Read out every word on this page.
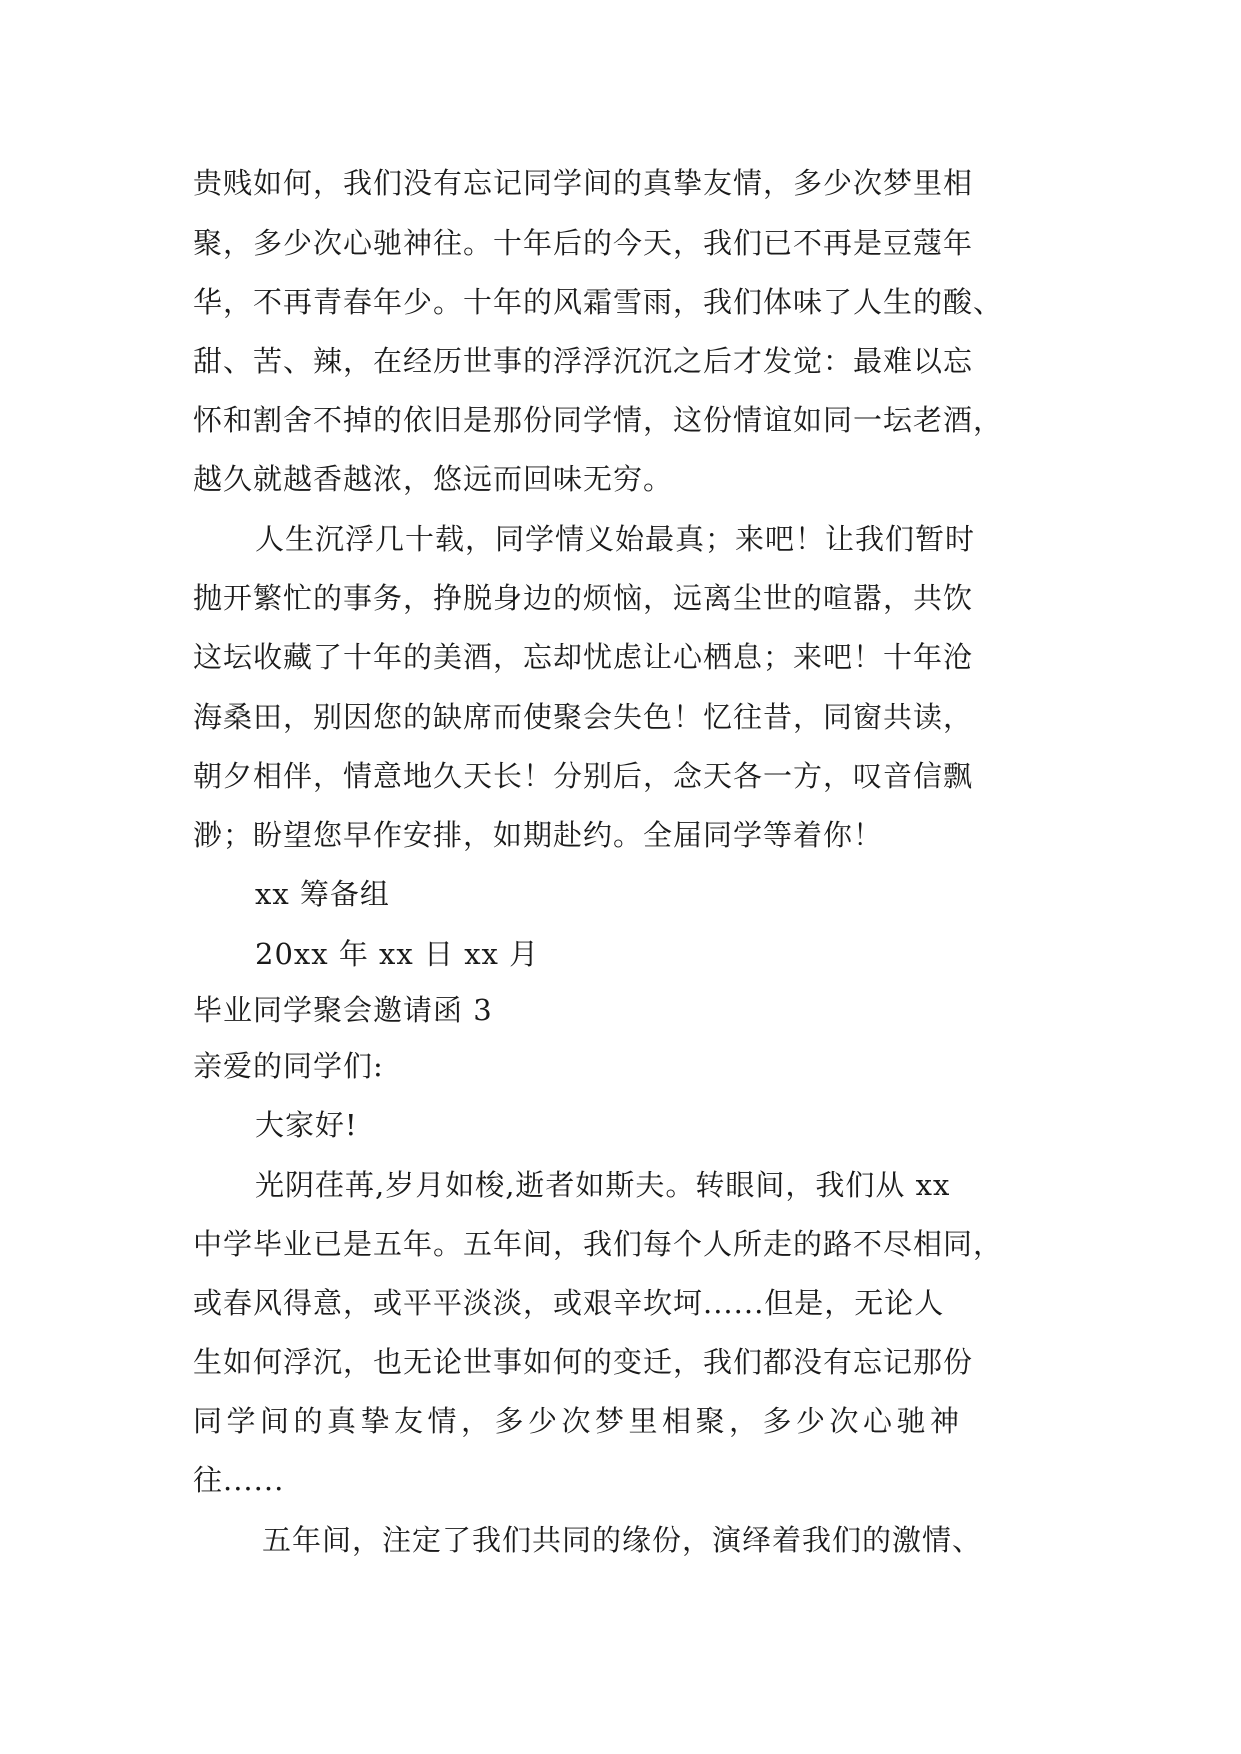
贵贱如何，我们没有忘记同学间的真挚友情，多少次梦里相
聚，多少次心驰神往。十年后的今天，我们已不再是豆蔻年
华，不再青春年少。十年的风霜雪雨，我们体味了人生的酸、
甜、苦、辣，在经历世事的浮浮沉沉之后才发觉：最难以忘
怀和割舍不掉的依旧是那份同学情，这份情谊如同一坛老酒，
越久就越香越浓，悠远而回味无穷。
人生沉浮几十载，同学情义始最真；来吧！让我们暂时
抛开繁忙的事务，挣脱身边的烦恼，远离尘世的喧嚣，共饮
这坛收藏了十年的美酒，忘却忧虑让心栖息；来吧！十年沧
海桑田，别因您的缺席而使聚会失色！忆往昔，同窗共读，
朝夕相伴，情意地久天长！分别后，念天各一方，叹音信飘
渺；盼望您早作安排，如期赴约。全届同学等着你！
xx 筹备组
20xx 年 xx 日 xx 月
毕业同学聚会邀请函 3
亲爱的同学们:
大家好!
光阴荏苒,岁月如梭,逝者如斯夫。转眼间，我们从 xx
中学毕业已是五年。五年间，我们每个人所走的路不尽相同，
或春风得意，或平平淡淡，或艰辛坎坷......但是，无论人
生如何浮沉，也无论世事如何的变迁，我们都没有忘记那份
同学间的真挚友情，多少次梦里相聚，多少次心驰神
往......
五年间，注定了我们共同的缘份，演绎着我们的激情、
